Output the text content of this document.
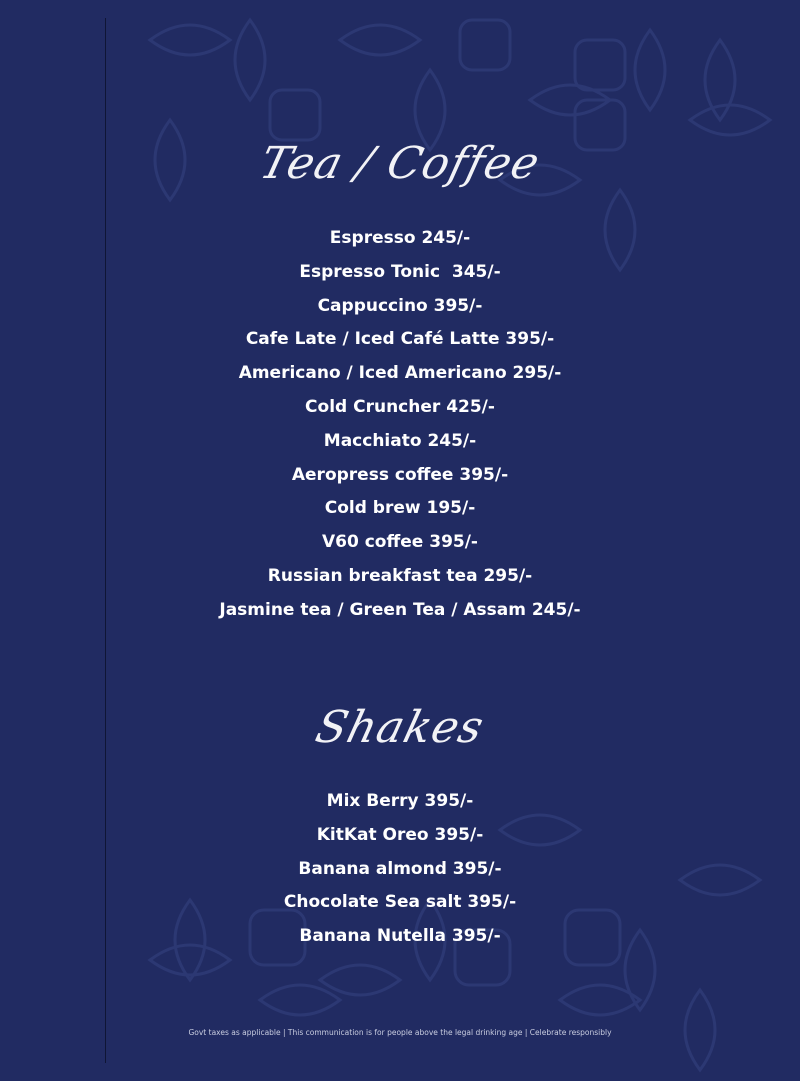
Tea / Coffee
Espresso 245/-
Espresso Tonic  345/-
Cappuccino 395/-
Cafe Late / Iced Café Latte 395/-
Americano / Iced Americano 295/-
Cold Cruncher 425/-
Macchiato 245/-
Aeropress coffee 395/-
Cold brew 195/-
V60 coffee 395/-
Russian breakfast tea 295/-
Jasmine tea / Green Tea / Assam 245/-
Shakes
Mix Berry 395/-
KitKat Oreo 395/-
Banana almond 395/-
Chocolate Sea salt 395/-
Banana Nutella 395/-
Govt taxes as applicable | This communication is for people above the legal drinking age | Celebrate responsibly
